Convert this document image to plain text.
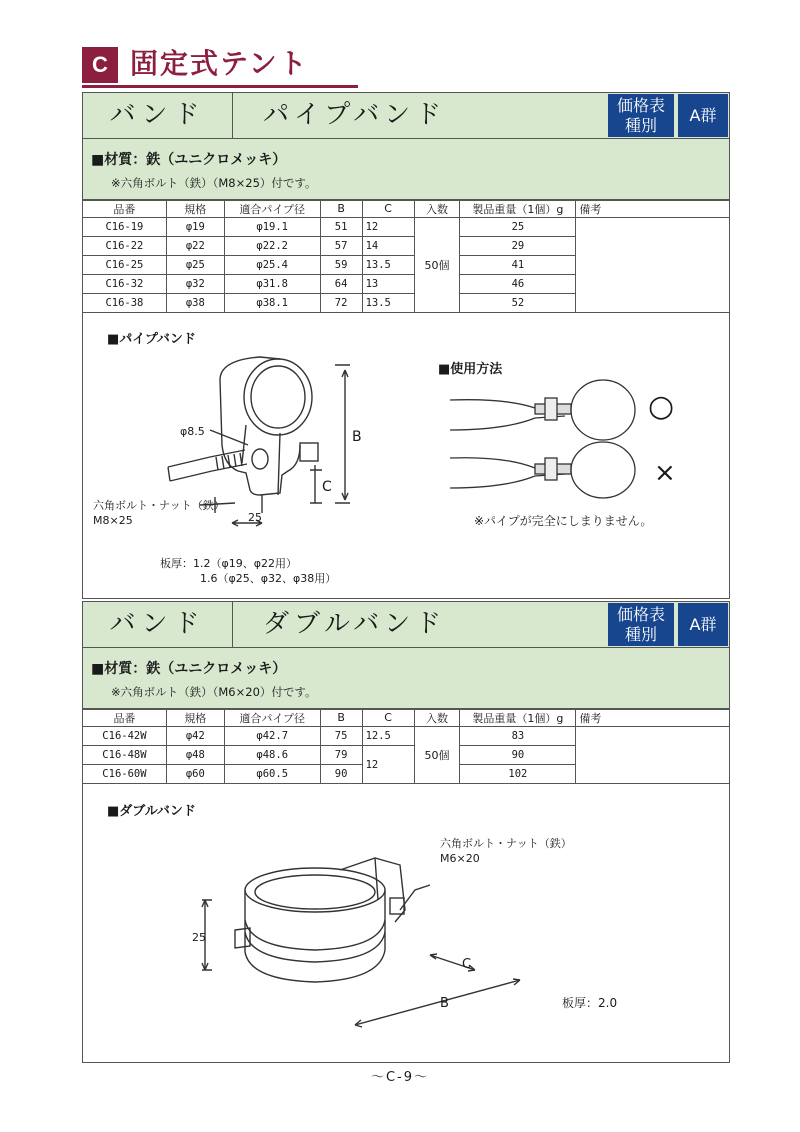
C 固定式テント
バンド	パイプバンド	価格表
種別
A群
■材質：鉄（ユニクロメッキ）
※六角ボルト（鉄）（M8×25）付です。
品番	規格	適合パイプ径	B	C	入数	製品重量（1個）g	備考
C16-19	φ19	φ19.1	51	12	50個	25	
C16-22	φ22	φ22.2	57	14		29	
C16-25	φ25	φ25.4	59	13.5		41	
C16-32	φ32	φ31.8	64	13		46	
C16-38	φ38	φ38.1	72	13.5		52	
■パイプバンド
■使用方法
φ8.5	B
C
25
六角ボルト・ナット（鉄）
M8×25
板厚：1.2（φ19、φ22用）
1.6（φ25、φ32、φ38用）
○
×
※パイプが完全にしまりません。
バンド	ダブルバンド	価格表
種別
A群
■材質：鉄（ユニクロメッキ）
※六角ボルト（鉄）（M6×20）付です。
品番	規格	適合パイプ径	B	C	入数	製品重量（1個）g	備考
C16-42W	φ42	φ42.7	75	12.5	50個	83	
C16-48W	φ48	φ48.6	79	12		90	
C16-60W	φ60	φ60.5	90			102	
■ダブルバンド
六角ボルト・ナット（鉄）
M6×20
25
C
B	板厚：2.0
～C-9～
